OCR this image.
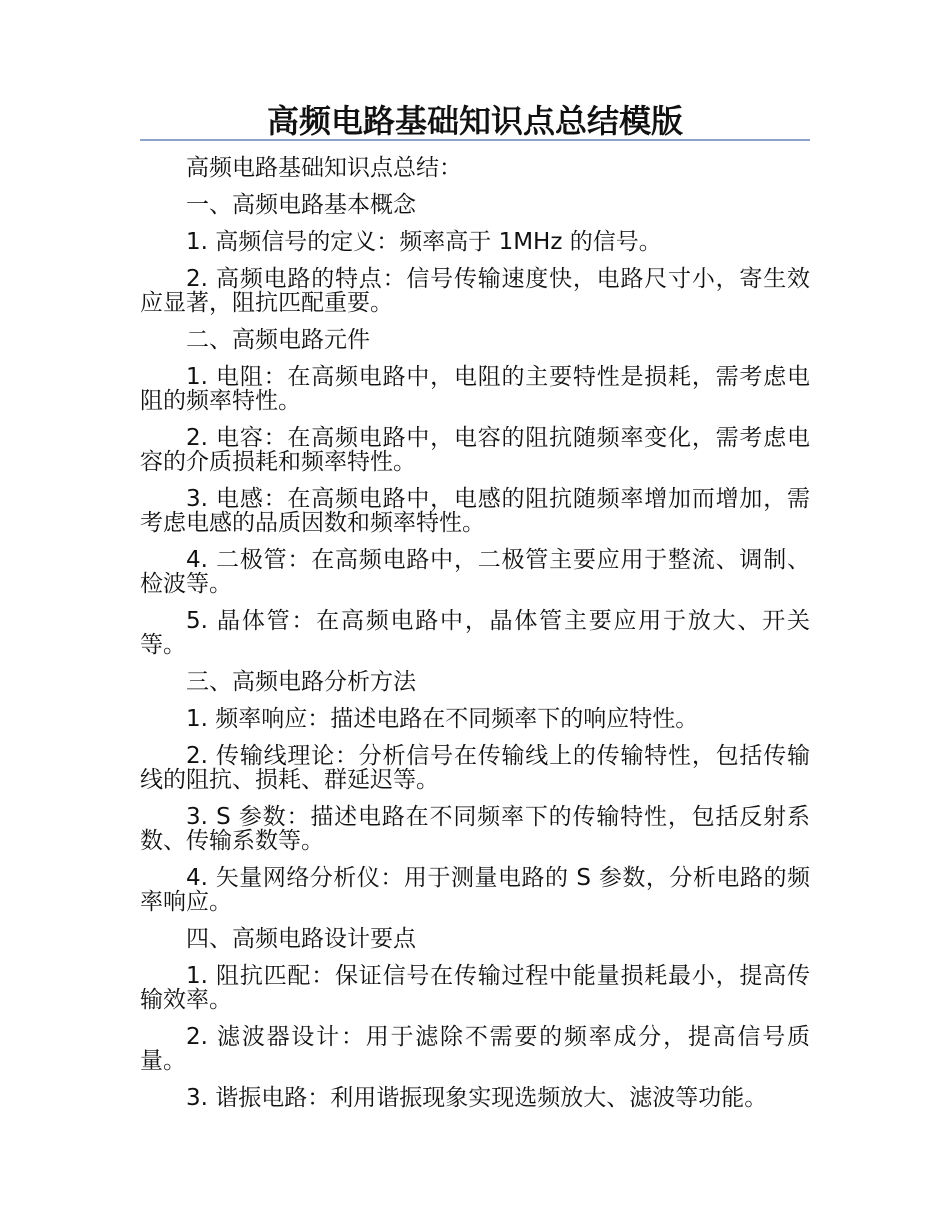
高频电路基础知识点总结模版

高频电路基础知识点总结：

一、高频电路基本概念

1. 高频信号的定义：频率高于 1MHz 的信号。

2. 高频电路的特点：信号传输速度快，电路尺寸小，寄生效应显著，阻抗匹配重要。

二、高频电路元件

1. 电阻：在高频电路中，电阻的主要特性是损耗，需考虑电阻的频率特性。

2. 电容：在高频电路中，电容的阻抗随频率变化，需考虑电容的介质损耗和频率特性。

3. 电感：在高频电路中，电感的阻抗随频率增加而增加，需考虑电感的品质因数和频率特性。

4. 二极管：在高频电路中，二极管主要应用于整流、调制、检波等。

5. 晶体管：在高频电路中，晶体管主要应用于放大、开关等。

三、高频电路分析方法

1. 频率响应：描述电路在不同频率下的响应特性。

2. 传输线理论：分析信号在传输线上的传输特性，包括传输线的阻抗、损耗、群延迟等。

3. S 参数：描述电路在不同频率下的传输特性，包括反射系数、传输系数等。

4. 矢量网络分析仪：用于测量电路的 S 参数，分析电路的频率响应。

四、高频电路设计要点

1. 阻抗匹配：保证信号在传输过程中能量损耗最小，提高传输效率。

2. 滤波器设计：用于滤除不需要的频率成分，提高信号质量。

3. 谐振电路：利用谐振现象实现选频放大、滤波等功能。
